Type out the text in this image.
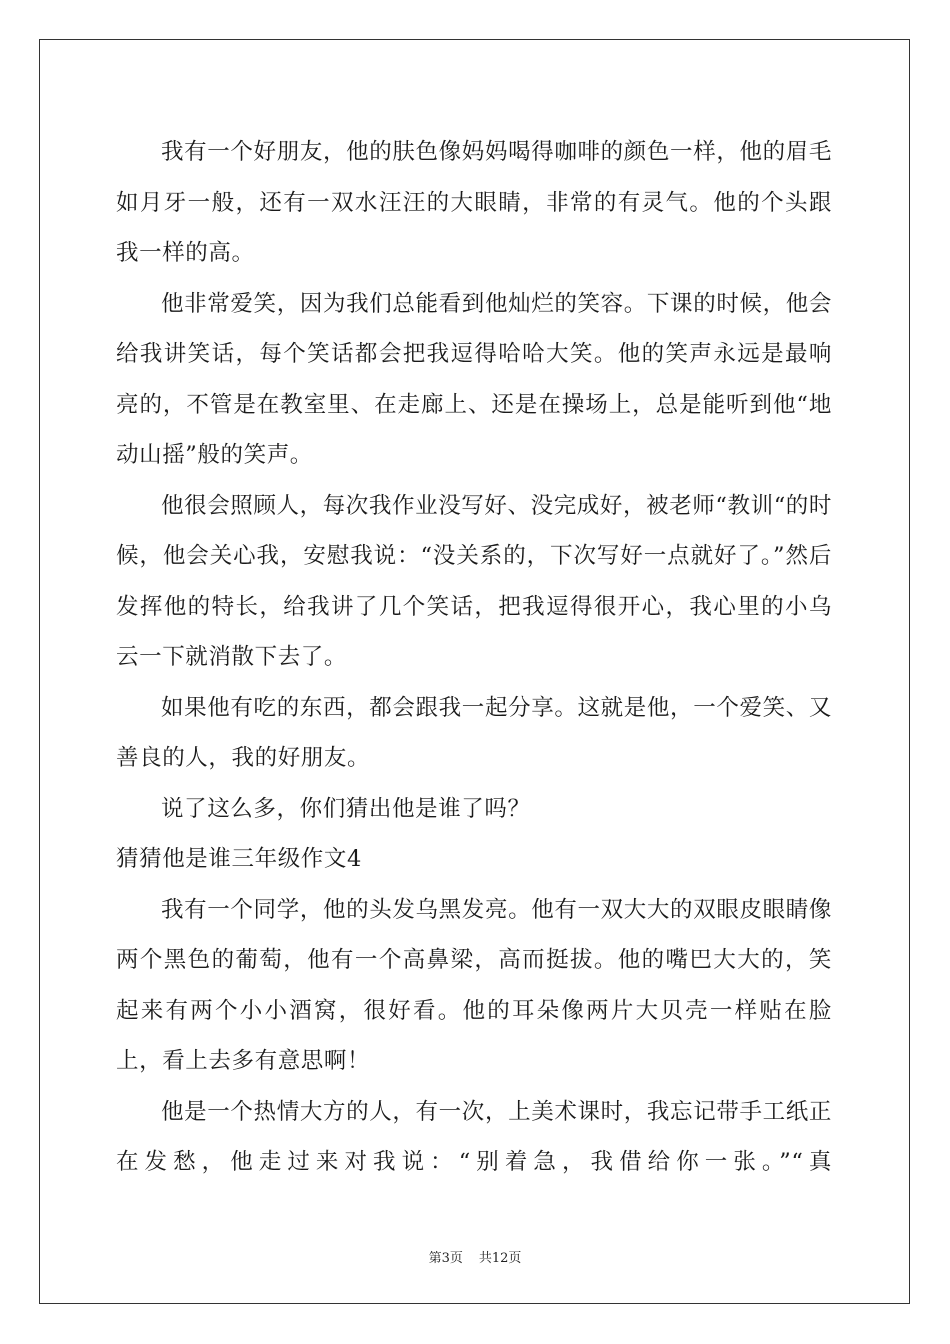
我有一个好朋友，他的肤色像妈妈喝得咖啡的颜色一样，他的眉毛如月牙一般，还有一双水汪汪的大眼睛，非常的有灵气。他的个头跟我一样的高。

他非常爱笑，因为我们总能看到他灿烂的笑容。下课的时候，他会给我讲笑话，每个笑话都会把我逗得哈哈大笑。他的笑声永远是最响亮的，不管是在教室里、在走廊上、还是在操场上，总是能听到他“地动山摇”般的笑声。

他很会照顾人，每次我作业没写好、没完成好，被老师“教训“的时候，他会关心我，安慰我说：“没关系的，下次写好一点就好了。”然后发挥他的特长，给我讲了几个笑话，把我逗得很开心，我心里的小乌云一下就消散下去了。

如果他有吃的东西，都会跟我一起分享。这就是他，一个爱笑、又善良的人，我的好朋友。

说了这么多，你们猜出他是谁了吗？

猜猜他是谁三年级作文4

我有一个同学，他的头发乌黑发亮。他有一双大大的双眼皮眼睛像两个黑色的葡萄，他有一个高鼻梁，高而挺拔。他的嘴巴大大的，笑起来有两个小小酒窝，很好看。他的耳朵像两片大贝壳一样贴在脸上，看上去多有意思啊！

他是一个热情大方的人，有一次，上美术课时，我忘记带手工纸正在发愁，他走过来对我说：“别着急，我借给你一张。”“真

第3页 共12页
